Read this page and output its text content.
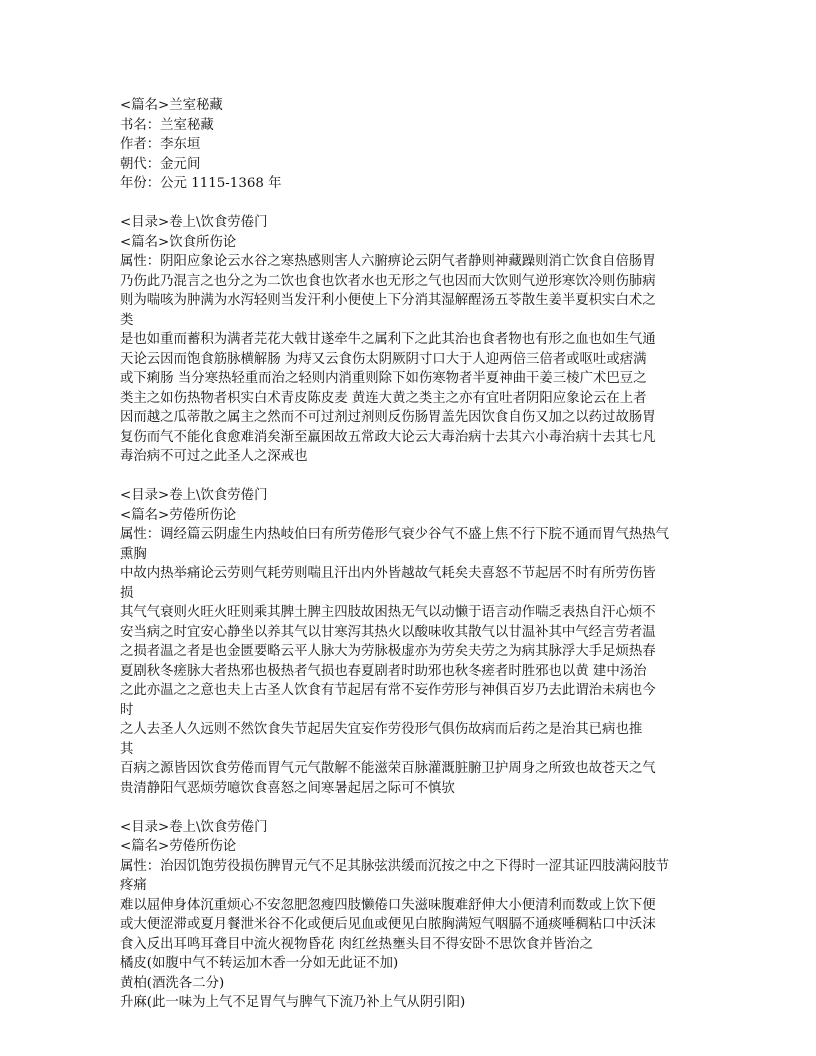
<篇名>兰室秘藏
书名：兰室秘藏
作者：李东垣
朝代：金元间
年份：公元 1115-1368 年
<目录>卷上\饮食劳倦门
<篇名>饮食所伤论
属性：阴阳应象论云水谷之寒热感则害人六腑痹论云阴气者静则神藏躁则消亡饮食自倍肠胃
乃伤此乃混言之也分之为二饮也食也饮者水也无形之气也因而大饮则气逆形寒饮冷则伤肺病
则为喘咳为肿满为水泻轻则当发汗利小便使上下分消其湿解酲汤五苓散生姜半夏枳实白术之
类
是也如重而蓄积为满者芫花大戟甘遂牵牛之属利下之此其治也食者物也有形之血也如生气通
天论云因而饱食筋脉横解肠 为痔又云食伤太阴厥阴寸口大于人迎两倍三倍者或呕吐或痞满
或下痢肠 当分寒热轻重而治之轻则内消重则除下如伤寒物者半夏神曲干姜三棱广术巴豆之
类主之如伤热物者枳实白术青皮陈皮麦 黄连大黄之类主之亦有宜吐者阴阳应象论云在上者
因而越之瓜蒂散之属主之然而不可过剂过剂则反伤肠胃盖先因饮食自伤又加之以药过故肠胃
复伤而气不能化食愈难消矣渐至羸困故五常政大论云大毒治病十去其六小毒治病十去其七凡
毒治病不可过之此圣人之深戒也
<目录>卷上\饮食劳倦门
<篇名>劳倦所伤论
属性：调经篇云阴虚生内热岐伯曰有所劳倦形气衰少谷气不盛上焦不行下脘不通而胃气热热气
熏胸
中故内热举痛论云劳则气耗劳则喘且汗出内外皆越故气耗矣夫喜怒不节起居不时有所劳伤皆
损
其气气衰则火旺火旺则乘其脾土脾主四肢故困热无气以动懒于语言动作喘乏表热自汗心烦不
安当病之时宜安心静坐以养其气以甘寒泻其热火以酸味收其散气以甘温补其中气经言劳者温
之损者温之者是也金匮要略云平人脉大为劳脉极虚亦为劳矣夫劳之为病其脉浮大手足烦热春
夏剧秋冬瘥脉大者热邪也极热者气损也春夏剧者时助邪也秋冬瘥者时胜邪也以黄 建中汤治
之此亦温之之意也夫上古圣人饮食有节起居有常不妄作劳形与神俱百岁乃去此谓治未病也今
时
之人去圣人久远则不然饮食失节起居失宜妄作劳役形气俱伤故病而后药之是治其已病也推
其
百病之源皆因饮食劳倦而胃气元气散解不能滋荣百脉灌溉脏腑卫护周身之所致也故苍天之气
贵清静阳气恶烦劳噫饮食喜怒之间寒暑起居之际可不慎欤
<目录>卷上\饮食劳倦门
<篇名>劳倦所伤论
属性：治因饥饱劳役损伤脾胃元气不足其脉弦洪缓而沉按之中之下得时一涩其证四肢满闷肢节
疼痛
难以屈伸身体沉重烦心不安忽肥忽瘦四肢懒倦口失滋味腹难舒伸大小便清利而数或上饮下便
或大便涩滞或夏月餐泄米谷不化或便后见血或便见白脓胸满短气咽膈不通痰唾稠粘口中沃沫
食入反出耳鸣耳聋目中流火视物昏花 肉红丝热壅头目不得安卧不思饮食并皆治之
橘皮(如腹中气不转运加木香一分如无此证不加)
黄柏(酒洗各二分)
升麻(此一味为上气不足胃气与脾气下流乃补上气从阴引阳)
